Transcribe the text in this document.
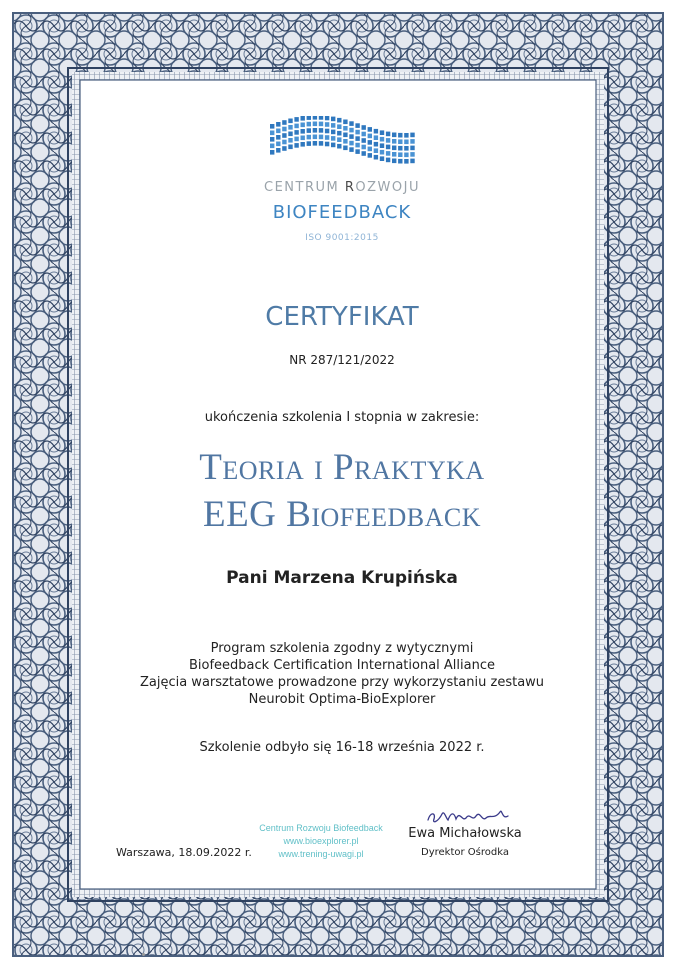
CENTRUM ROZWOJU
BIOFEEDBACK
ISO 9001:2015
CERTYFIKAT
NR 287/121/2022
ukończenia szkolenia I stopnia w zakresie:
Teoria i Praktyka
EEG Biofeedback
Pani Marzena Krupińska
Program szkolenia zgodny z wytycznymi
Biofeedback Certification International Alliance
Zajęcia warsztatowe prowadzone przy wykorzystaniu zestawu
Neurobit Optima-BioExplorer
Szkolenie odbyło się 16-18 września 2022 r.
Warszawa, 18.09.2022 r.
Centrum Rozwoju Biofeedback
www.bioexplorer.pl
www.trening-uwagi.pl
Ewa Michałowska
Dyrektor Ośrodka
